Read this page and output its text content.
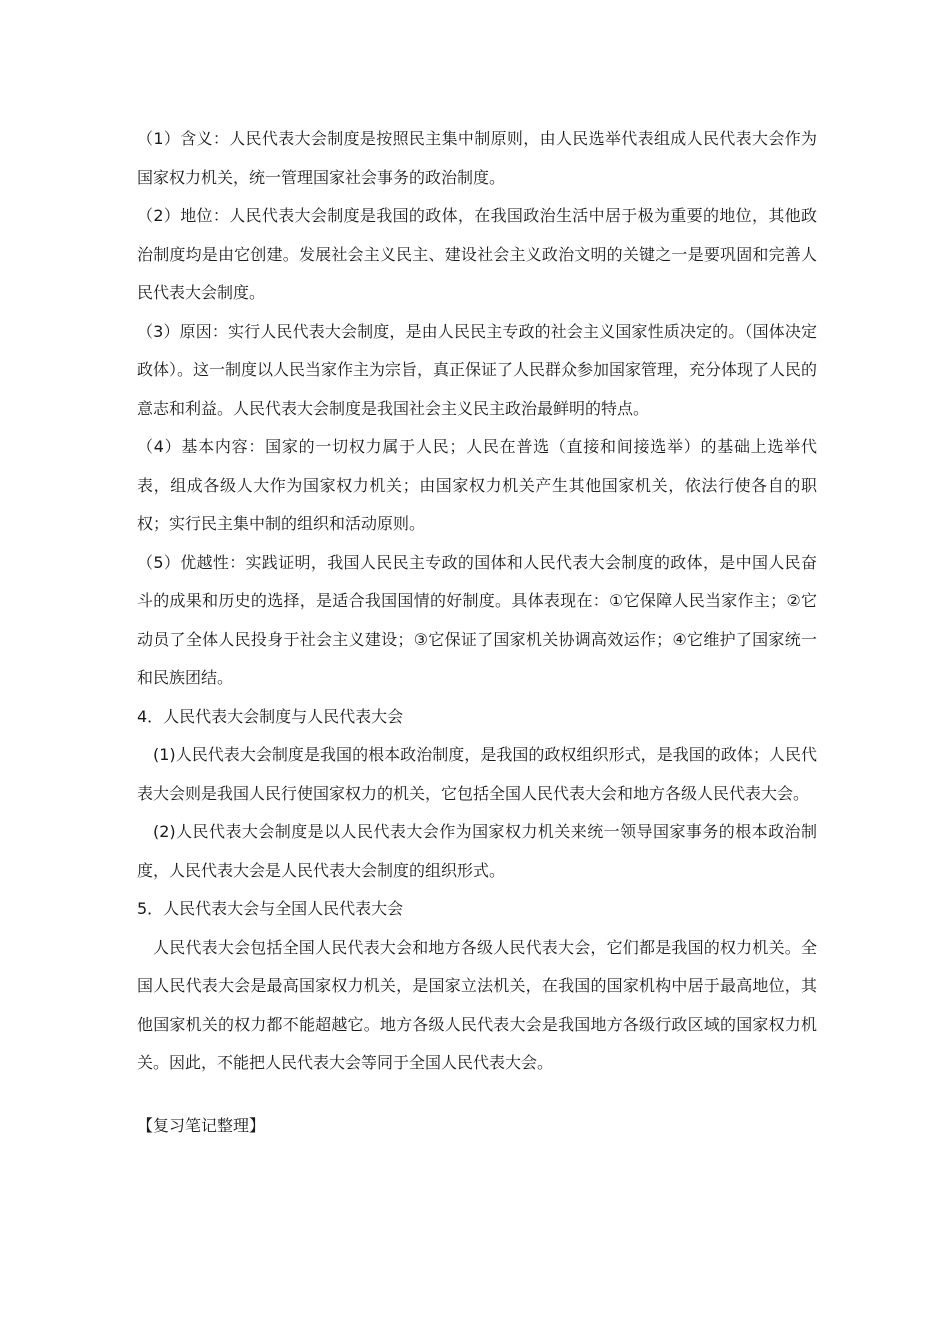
（1）含义：人民代表大会制度是按照民主集中制原则，由人民选举代表组成人民代表大会作为国家权力机关，统一管理国家社会事务的政治制度。

（2）地位：人民代表大会制度是我国的政体，在我国政治生活中居于极为重要的地位，其他政治制度均是由它创建。发展社会主义民主、建设社会主义政治文明的关键之一是要巩固和完善人民代表大会制度。

（3）原因：实行人民代表大会制度，是由人民民主专政的社会主义国家性质决定的。（国体决定政体）。这一制度以人民当家作主为宗旨，真正保证了人民群众参加国家管理，充分体现了人民的意志和利益。人民代表大会制度是我国社会主义民主政治最鲜明的特点。

（4）基本内容：国家的一切权力属于人民；人民在普选（直接和间接选举）的基础上选举代表，组成各级人大作为国家权力机关；由国家权力机关产生其他国家机关，依法行使各自的职权；实行民主集中制的组织和活动原则。

（5）优越性：实践证明，我国人民民主专政的国体和人民代表大会制度的政体，是中国人民奋斗的成果和历史的选择，是适合我国国情的好制度。具体表现在：①它保障人民当家作主；②它动员了全体人民投身于社会主义建设；③它保证了国家机关协调高效运作；④它维护了国家统一和民族团结。

4．人民代表大会制度与人民代表大会

(1)人民代表大会制度是我国的根本政治制度，是我国的政权组织形式，是我国的政体；人民代表大会则是我国人民行使国家权力的机关，它包括全国人民代表大会和地方各级人民代表大会。

(2)人民代表大会制度是以人民代表大会作为国家权力机关来统一领导国家事务的根本政治制度，人民代表大会是人民代表大会制度的组织形式。

5．人民代表大会与全国人民代表大会

人民代表大会包括全国人民代表大会和地方各级人民代表大会，它们都是我国的权力机关。全国人民代表大会是最高国家权力机关，是国家立法机关，在我国的国家机构中居于最高地位，其他国家机关的权力都不能超越它。地方各级人民代表大会是我国地方各级行政区域的国家权力机关。因此，不能把人民代表大会等同于全国人民代表大会。

【复习笔记整理】
